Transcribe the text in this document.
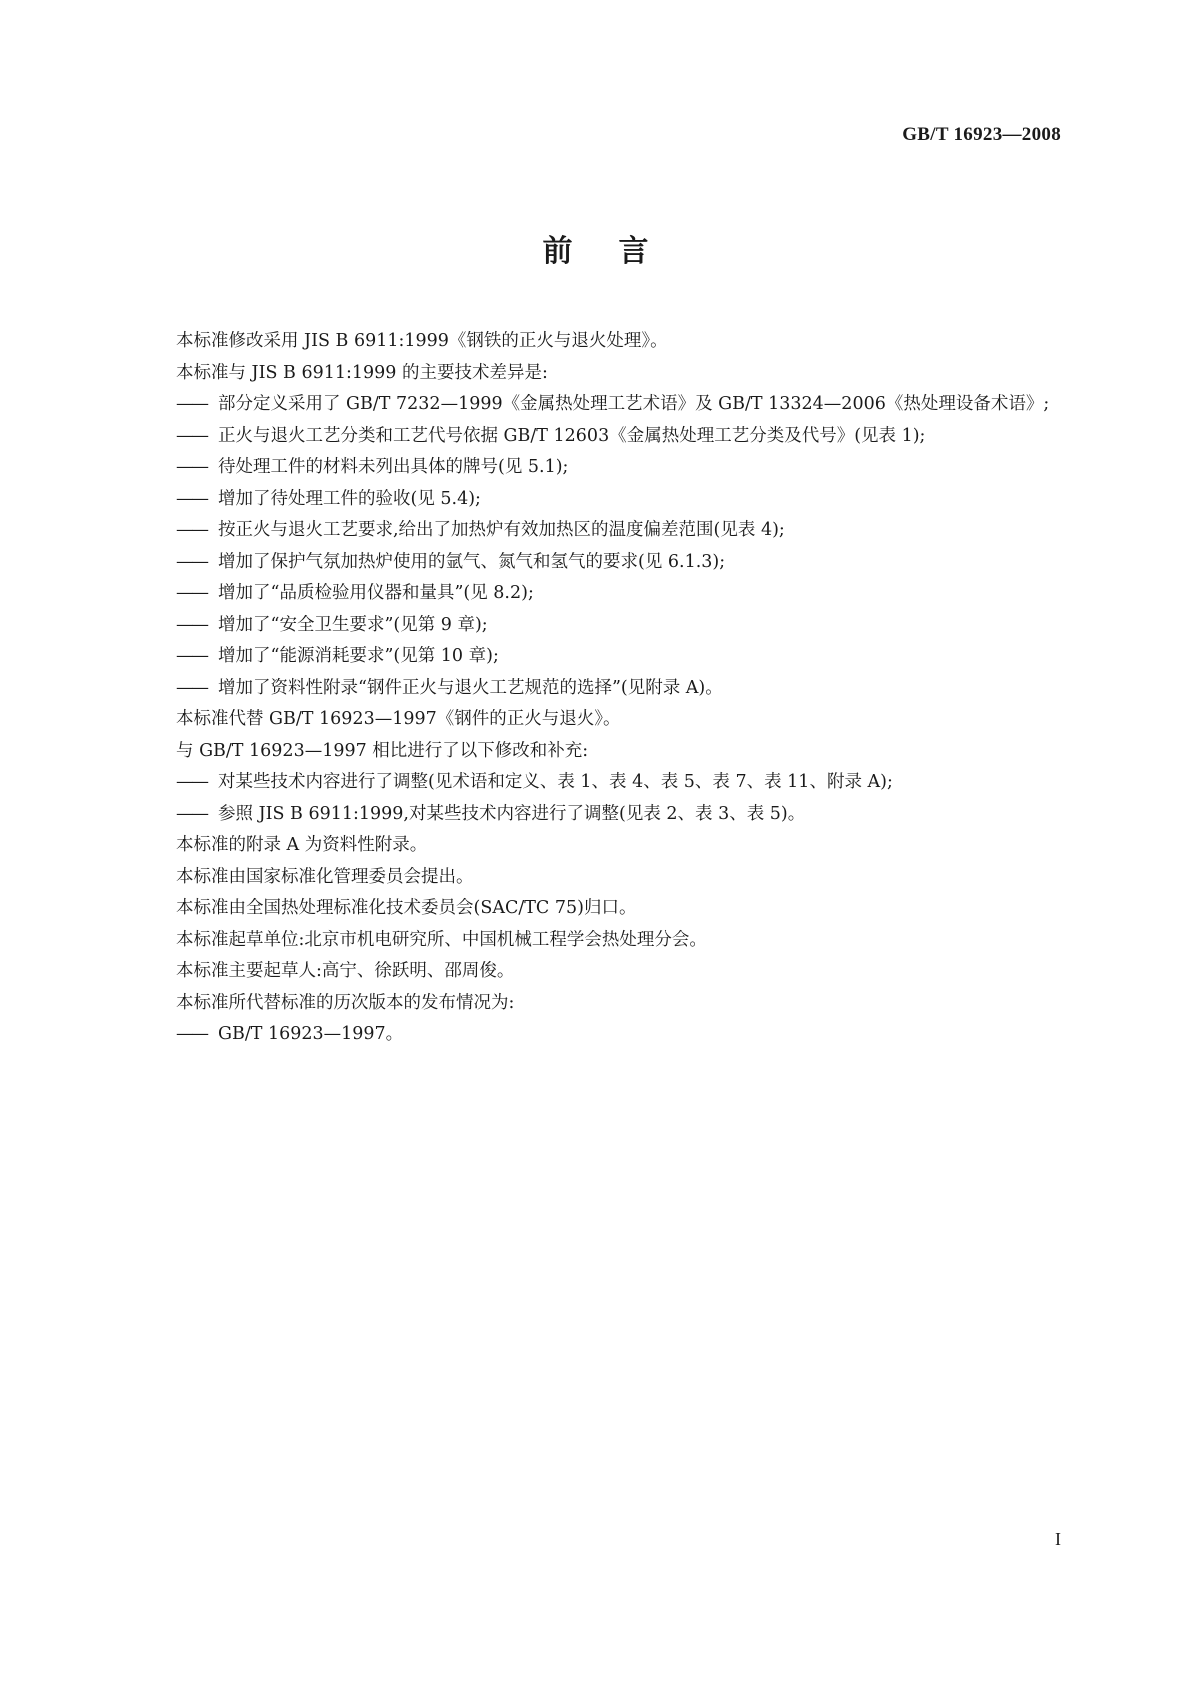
GB/T 16923—2008
前言
本标准修改采用 JIS B 6911:1999《钢铁的正火与退火处理》。
本标准与 JIS B 6911:1999 的主要技术差异是:
—— 部分定义采用了 GB/T 7232—1999《金属热处理工艺术语》及 GB/T 13324—2006《热处理设备术语》;
—— 正火与退火工艺分类和工艺代号依据 GB/T 12603《金属热处理工艺分类及代号》(见表 1);
—— 待处理工件的材料未列出具体的牌号(见 5.1);
—— 增加了待处理工件的验收(见 5.4);
—— 按正火与退火工艺要求,给出了加热炉有效加热区的温度偏差范围(见表 4);
—— 增加了保护气氛加热炉使用的氩气、氮气和氢气的要求(见 6.1.3);
—— 增加了“品质检验用仪器和量具”(见 8.2);
—— 增加了“安全卫生要求”(见第 9 章);
—— 增加了“能源消耗要求”(见第 10 章);
—— 增加了资料性附录“钢件正火与退火工艺规范的选择”(见附录 A)。
本标准代替 GB/T 16923—1997《钢件的正火与退火》。
与 GB/T 16923—1997 相比进行了以下修改和补充:
—— 对某些技术内容进行了调整(见术语和定义、表 1、表 4、表 5、表 7、表 11、附录 A);
—— 参照 JIS B 6911:1999,对某些技术内容进行了调整(见表 2、表 3、表 5)。
本标准的附录 A 为资料性附录。
本标准由国家标准化管理委员会提出。
本标准由全国热处理标准化技术委员会(SAC/TC 75)归口。
本标准起草单位:北京市机电研究所、中国机械工程学会热处理分会。
本标准主要起草人:高宁、徐跃明、邵周俊。
本标准所代替标准的历次版本的发布情况为:
—— GB/T 16923—1997。
I
